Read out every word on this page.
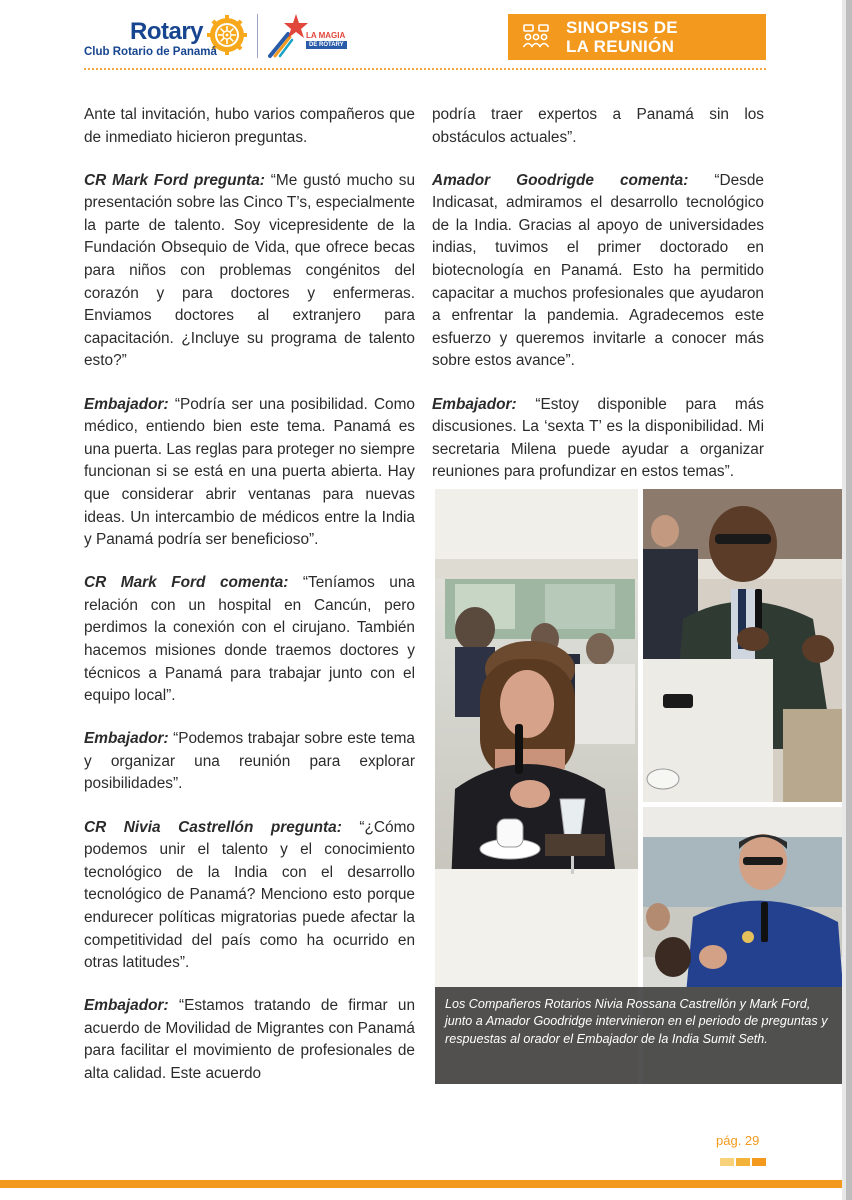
Rotary
Club Rotario de Panamá
LA MAGIA
DE ROTARY
SINOPSIS DE
LA REUNIÓN

Ante tal invitación, hubo varios compañeros que de inmediato hicieron preguntas.

CR Mark Ford pregunta: “Me gustó mucho su presentación sobre las Cinco T’s, especialmente la parte de talento. Soy vicepresidente de la Fundación Obsequio de Vida, que ofrece becas para niños con problemas congénitos del corazón y para doctores y enfermeras. Enviamos doctores al extranjero para capacitación. ¿Incluye su programa de talento esto?”

Embajador: “Podría ser una posibilidad. Como médico, entiendo bien este tema. Panamá es una puerta. Las reglas para proteger no siempre funcionan si se está en una puerta abierta. Hay que considerar abrir ventanas para nuevas ideas. Un intercambio de médicos entre la India y Panamá podría ser beneficioso”.

CR Mark Ford comenta: “Teníamos una relación con un hospital en Cancún, pero perdimos la conexión con el cirujano. También hacemos misiones donde traemos doctores y técnicos a Panamá para trabajar junto con el equipo local”.

Embajador: “Podemos trabajar sobre este tema y organizar una reunión para explorar posibilidades”.

CR Nivia Castrellón pregunta: “¿Cómo podemos unir el talento y el conocimiento tecnológico de la India con el desarrollo tecnológico de Panamá? Menciono esto porque endurecer políticas migratorias puede afectar la competitividad del país como ha ocurrido en otras latitudes”.

Embajador: “Estamos tratando de firmar un acuerdo de Movilidad de Migrantes con Panamá para facilitar el movimiento de profesionales de alta calidad. Este acuerdo

podría traer expertos a Panamá sin los obstáculos actuales”.

Amador Goodrigde comenta: “Desde Indicasat, admiramos el desarrollo tecnológico de la India. Gracias al apoyo de universidades indias, tuvimos el primer doctorado en biotecnología en Panamá. Esto ha permitido capacitar a muchos profesionales que ayudaron a enfrentar la pandemia. Agradecemos este esfuerzo y queremos invitarle a conocer más sobre estos avance”.

Embajador: “Estoy disponible para más discusiones. La ‘sexta T’ es la disponibilidad. Mi secretaria Milena puede ayudar a organizar reuniones para profundizar en estos temas”.

Los Compañeros Rotarios Nivia Rossana Castrellón y Mark Ford, junto a Amador Goodridge intervinieron en el periodo de preguntas y respuestas al orador el Embajador de la India Sumit Seth.
pág. 29
